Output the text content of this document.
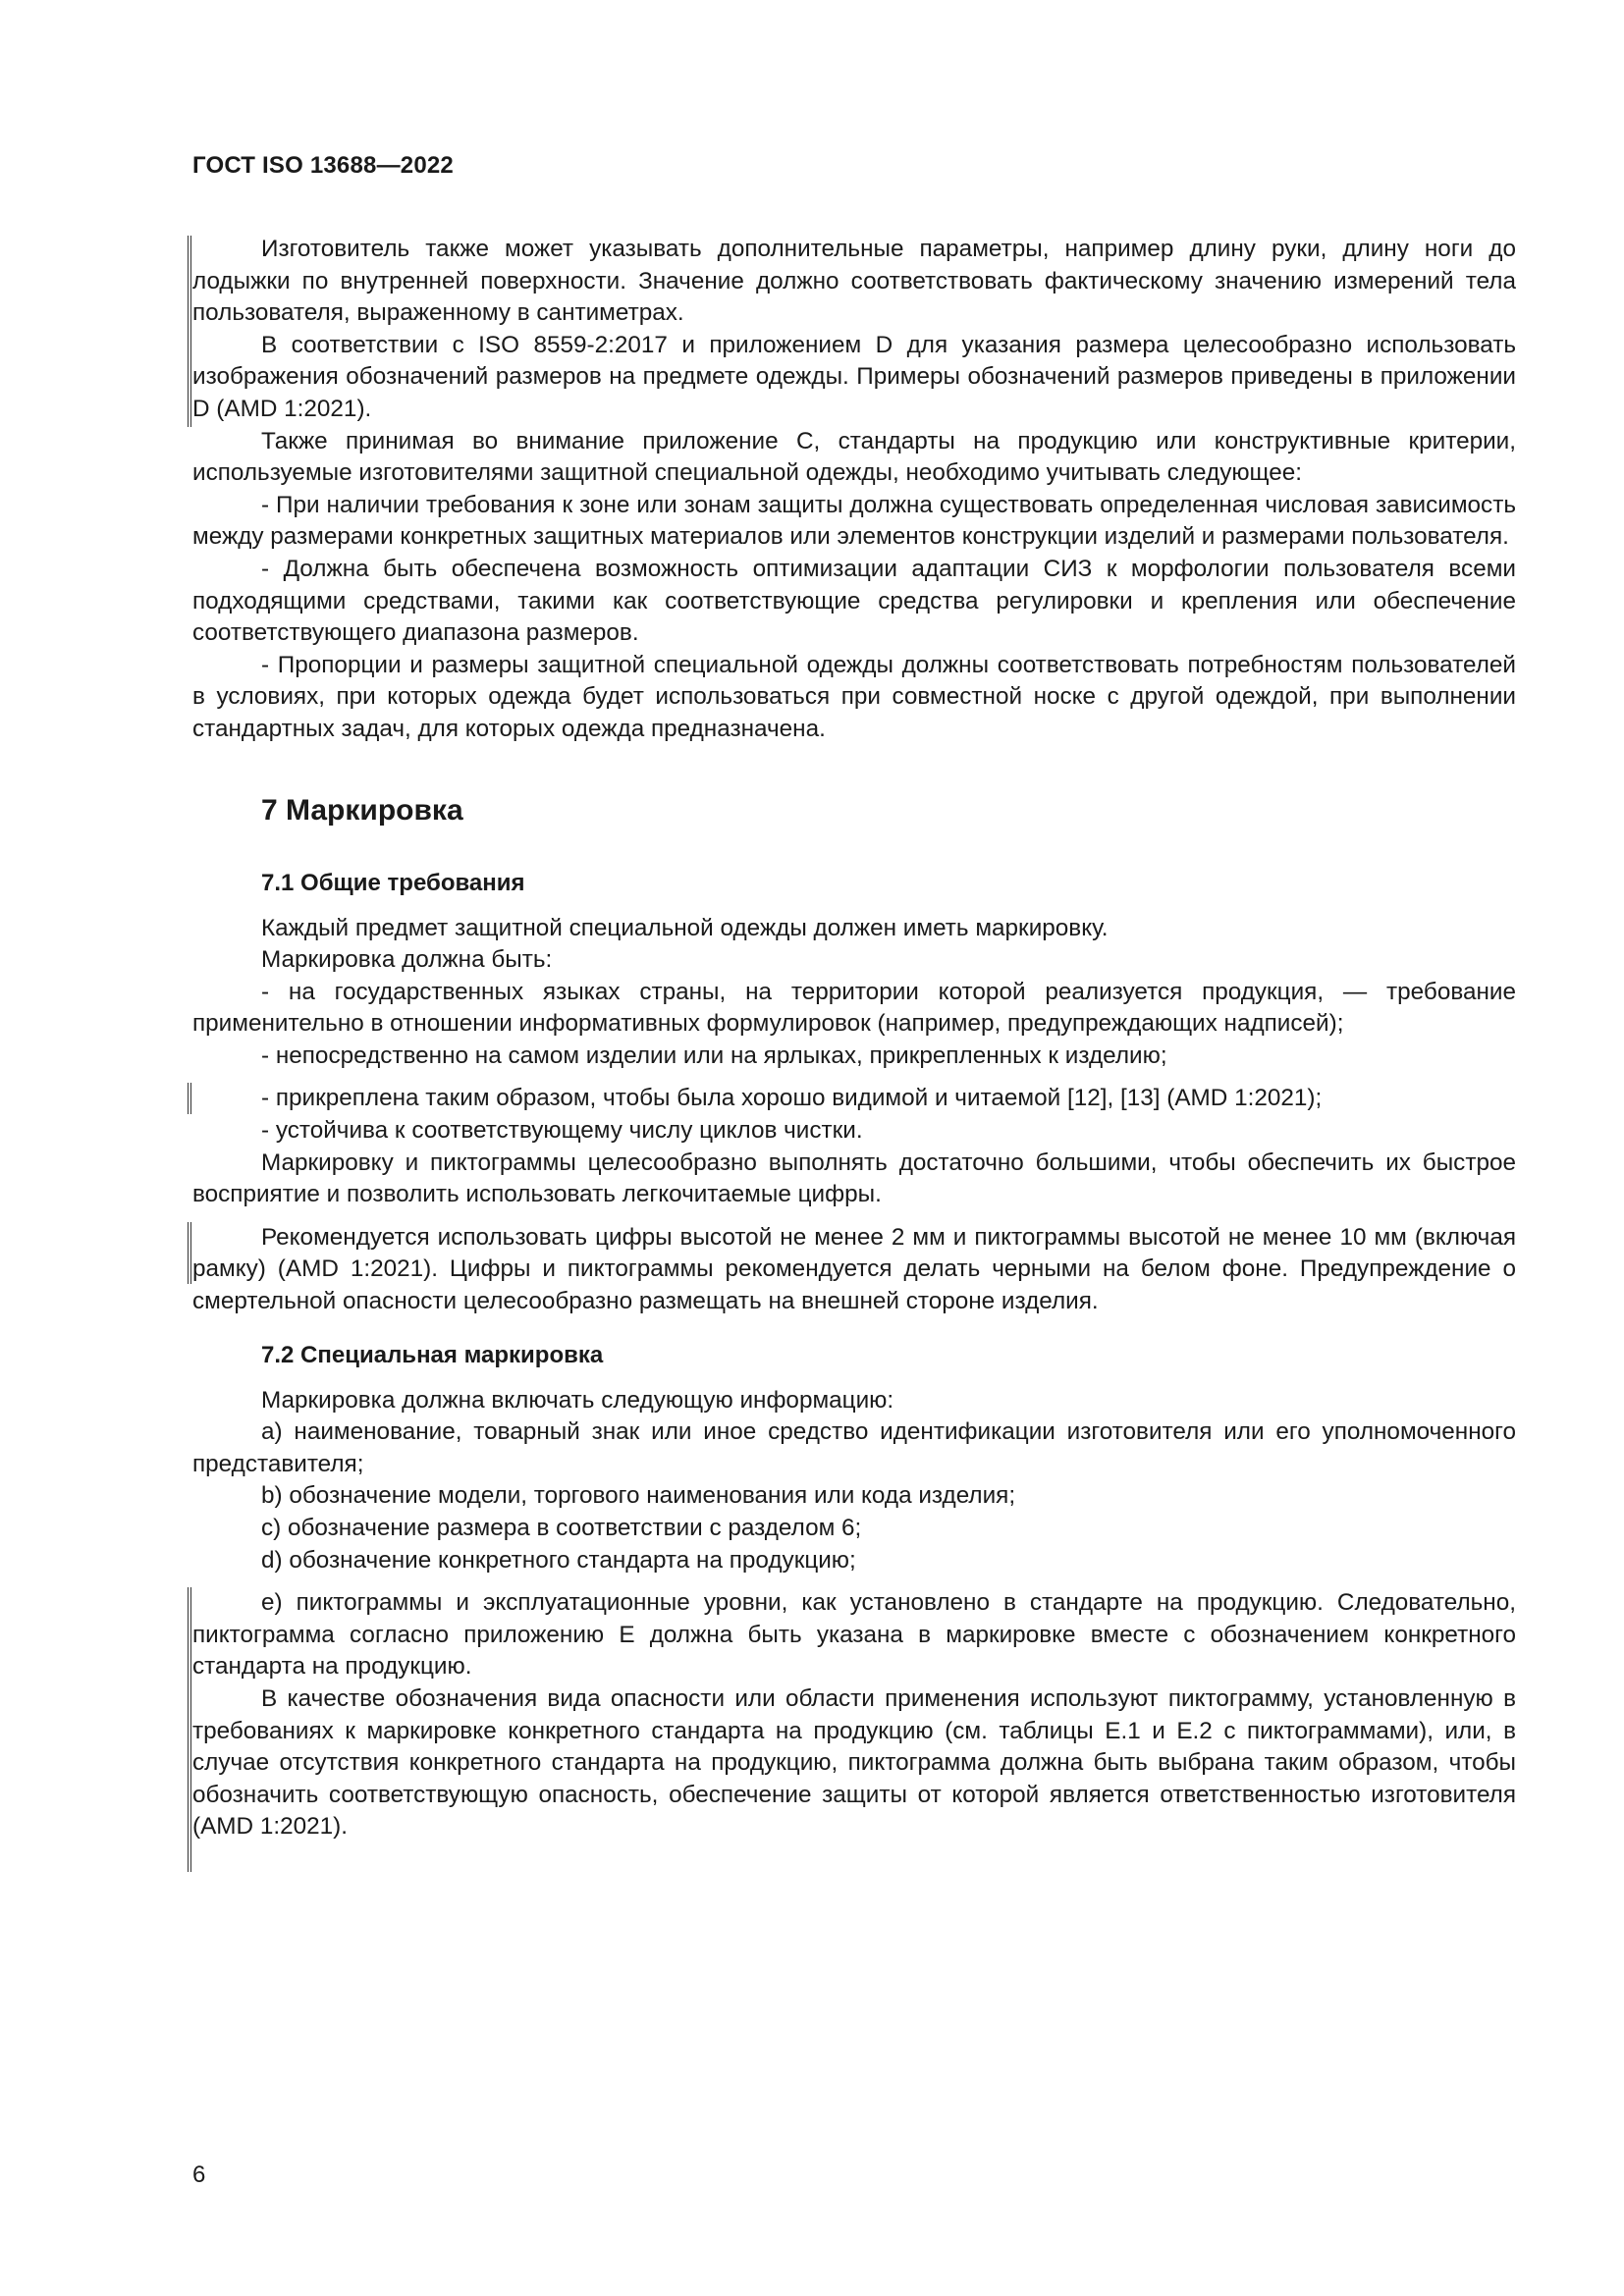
ГОСТ ISO 13688—2022

Изготовитель также может указывать дополнительные параметры, например длину руки, длину ноги до лодыжки по внутренней поверхности. Значение должно соответствовать фактическому значению измерений тела пользователя, выраженному в сантиметрах.

В соответствии с ISO 8559-2:2017 и приложением D для указания размера целесообразно использовать изображения обозначений размеров на предмете одежды. Примеры обозначений размеров приведены в приложении D (AMD 1:2021).

Также принимая во внимание приложение С, стандарты на продукцию или конструктивные критерии, используемые изготовителями защитной специальной одежды, необходимо учитывать следующее:

- При наличии требования к зоне или зонам защиты должна существовать определенная числовая зависимость между размерами конкретных защитных материалов или элементов конструкции изделий и размерами пользователя.

- Должна быть обеспечена возможность оптимизации адаптации СИЗ к морфологии пользователя всеми подходящими средствами, такими как соответствующие средства регулировки и крепления или обеспечение соответствующего диапазона размеров.

- Пропорции и размеры защитной специальной одежды должны соответствовать потребностям пользователей в условиях, при которых одежда будет использоваться при совместной носке с другой одеждой, при выполнении стандартных задач, для которых одежда предназначена.

7 Маркировка
7.1 Общие требования

Каждый предмет защитной специальной одежды должен иметь маркировку.

Маркировка должна быть:

- на государственных языках страны, на территории которой реализуется продукция, — требование применительно в отношении информативных формулировок (например, предупреждающих надписей);

- непосредственно на самом изделии или на ярлыках, прикрепленных к изделию;

- прикреплена таким образом, чтобы была хорошо видимой и читаемой [12], [13] (AMD 1:2021);

- устойчива к соответствующему числу циклов чистки.

Маркировку и пиктограммы целесообразно выполнять достаточно большими, чтобы обеспечить их быстрое восприятие и позволить использовать легкочитаемые цифры.

Рекомендуется использовать цифры высотой не менее 2 мм и пиктограммы высотой не менее 10 мм (включая рамку) (AMD 1:2021). Цифры и пиктограммы рекомендуется делать черными на белом фоне. Предупреждение о смертельной опасности целесообразно размещать на внешней стороне изделия.

7.2 Специальная маркировка

Маркировка должна включать следующую информацию:

a) наименование, товарный знак или иное средство идентификации изготовителя или его уполномоченного представителя;

b) обозначение модели, торгового наименования или кода изделия;

c) обозначение размера в соответствии с разделом 6;

d) обозначение конкретного стандарта на продукцию;

e) пиктограммы и эксплуатационные уровни, как установлено в стандарте на продукцию. Следовательно, пиктограмма согласно приложению Е должна быть указана в маркировке вместе с обозначением конкретного стандарта на продукцию.

В качестве обозначения вида опасности или области применения используют пиктограмму, установленную в требованиях к маркировке конкретного стандарта на продукцию (см. таблицы Е.1 и Е.2 с пиктограммами), или, в случае отсутствия конкретного стандарта на продукцию, пиктограмма должна быть выбрана таким образом, чтобы обозначить соответствующую опасность, обеспечение защиты от которой является ответственностью изготовителя (AMD 1:2021).

6
